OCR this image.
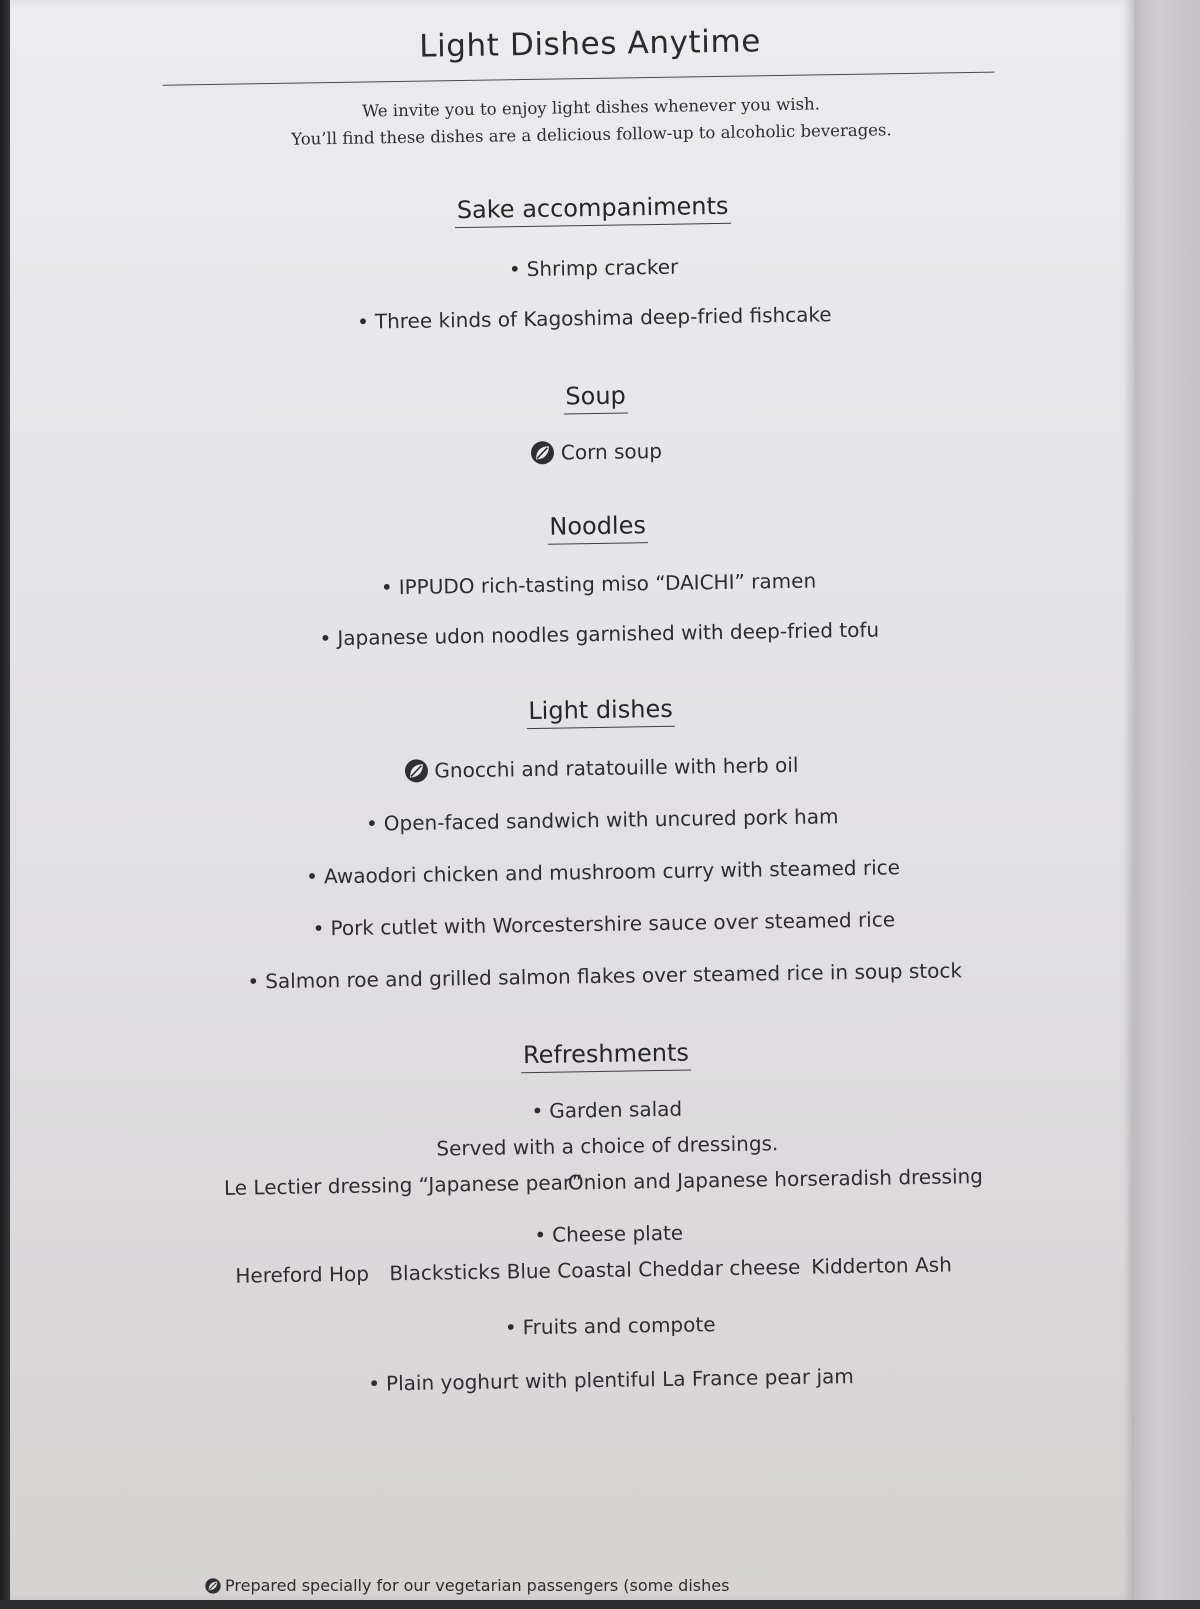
Light Dishes Anytime

We invite you to enjoy light dishes whenever you wish.

You’ll find these dishes are a delicious follow-up to alcoholic beverages.

Sake accompaniments
• Shrimp cracker
• Three kinds of Kagoshima deep-fried fishcake
Soup
Corn soup
Noodles
• IPPUDO rich-tasting miso “DAICHI” ramen
• Japanese udon noodles garnished with deep-fried tofu
Light dishes
Gnocchi and ratatouille with herb oil
• Open-faced sandwich with uncured pork ham
• Awaodori chicken and mushroom curry with steamed rice
• Pork cutlet with Worcestershire sauce over steamed rice
• Salmon roe and grilled salmon flakes over steamed rice in soup stock
Refreshments
• Garden salad
Served with a choice of dressings.
Le Lectier dressing “Japanese pear”
Onion and Japanese horseradish dressing
• Cheese plate
Hereford Hop Blacksticks Blue Coastal Cheddar cheese Kidderton Ash
• Fruits and compote
• Plain yoghurt with plentiful La France pear jam
Prepared specially for our vegetarian passengers (some dishes
